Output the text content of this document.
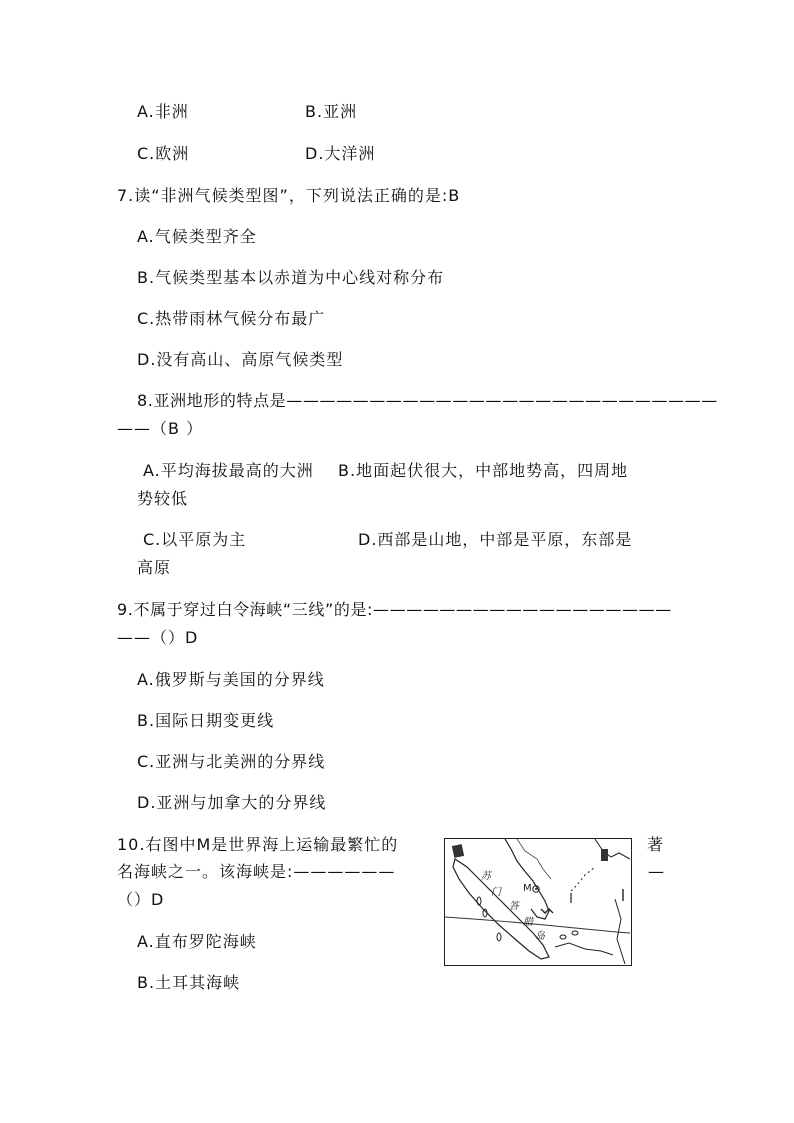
A.非洲	B.亚洲
C.欧洲	D.大洋洲
7.读“非洲气候类型图”，下列说法正确的是:B
A.气候类型齐全
B.气候类型基本以赤道为中心线对称分布
C.热带雨林气候分布最广
D.没有高山、高原气候类型
8.亚洲地形的特点是——————————————————————————
——（B ）
A.平均海拔最高的大洲 B.地面起伏很大，中部地势高，四周地
势较低
C.以平原为主	D.西部是山地，中部是平原，东部是
高原
9.不属于穿过白令海峡“三线”的是:——————————————————
——（）D
A.俄罗斯与美国的分界线
B.国际日期变更线
C.亚洲与北美洲的分界线
D.亚洲与加拿大的分界线
10.右图中M是世界海上运输最繁忙的	著
名海峡之一。该海峡是:——————	—
（）D
A.直布罗陀海峡
B.土耳其海峡
苏
门
答
腊
岛
M
